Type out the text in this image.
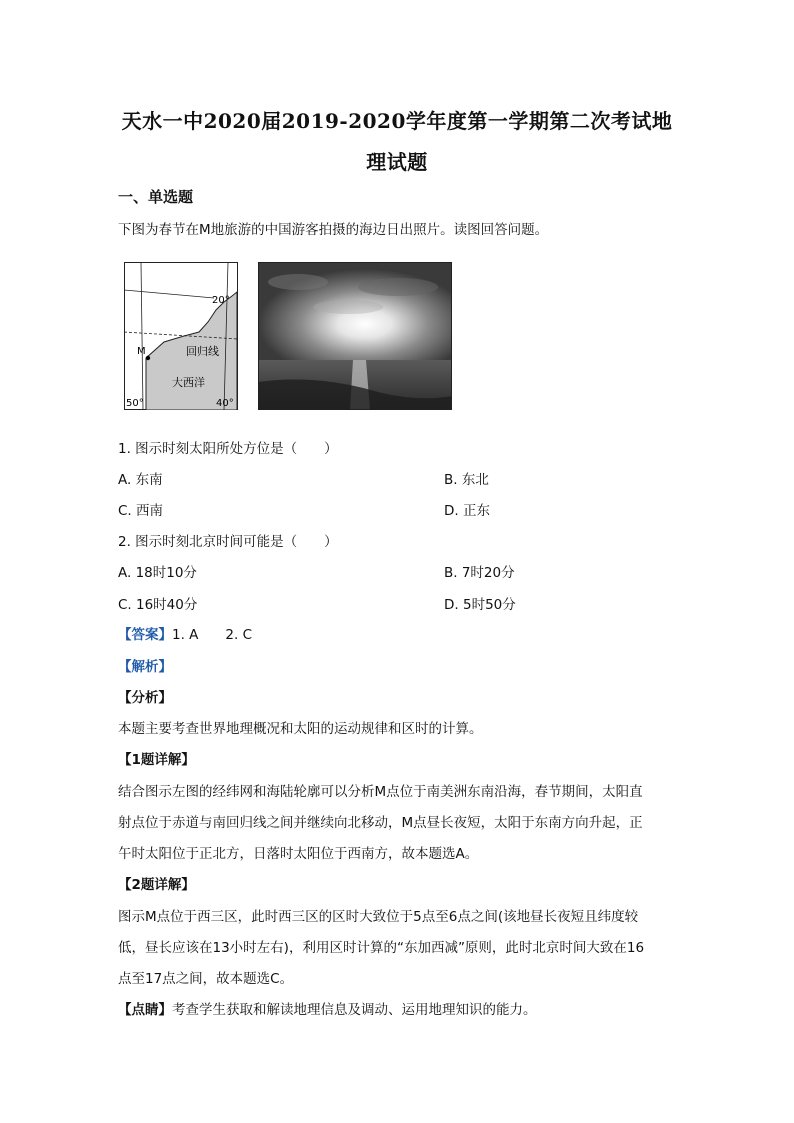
天水一中2020届2019-2020学年度第一学期第二次考试地
理试题
一、单选题
下图为春节在M地旅游的中国游客拍摄的海边日出照片。读图回答问题。
20°
M	回归线
大西洋
50°	40°
1. 图示时刻太阳所处方位是（　　）
A. 东南	B. 东北
C. 西南	D. 正东
2. 图示时刻北京时间可能是（　　）
A. 18时10分	B. 7时20分
C. 16时40分	D. 5时50分
【答案】1. A　　2. C
【解析】
【分析】
本题主要考查世界地理概况和太阳的运动规律和区时的计算。
【1题详解】
结合图示左图的经纬网和海陆轮廓可以分析M点位于南美洲东南沿海，春节期间，太阳直
射点位于赤道与南回归线之间并继续向北移动，M点昼长夜短，太阳于东南方向升起，正
午时太阳位于正北方，日落时太阳位于西南方，故本题选A。
【2题详解】
图示M点位于西三区，此时西三区的区时大致位于5点至6点之间(该地昼长夜短且纬度较
低，昼长应该在13小时左右)，利用区时计算的“东加西减”原则，此时北京时间大致在16
点至17点之间，故本题选C。
【点睛】考查学生获取和解读地理信息及调动、运用地理知识的能力。
